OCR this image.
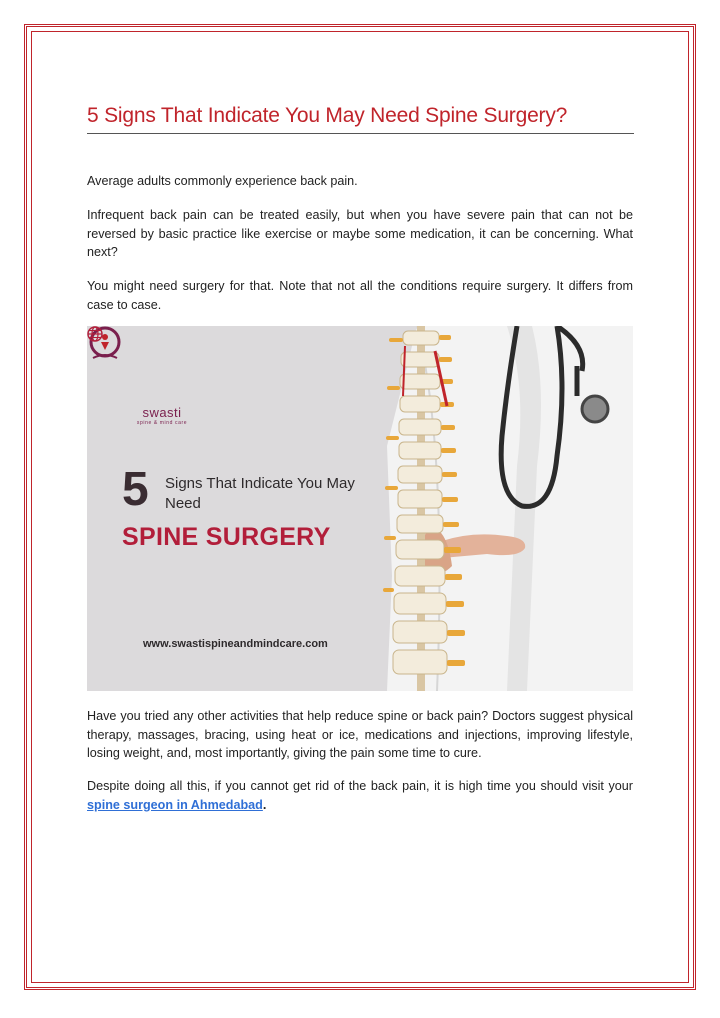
5 Signs That Indicate You May Need Spine Surgery?

Average adults commonly experience back pain.

Infrequent back pain can be treated easily, but when you have severe pain that can not be reversed by basic practice like exercise or maybe some medication, it can be concerning. What next?

You might need surgery for that. Note that not all the conditions require surgery. It differs from case to case.

swasti
spine & mind care
5 Signs That Indicate You May Need
SPINE SURGERY
www.swastispineandmindcare.com

Have you tried any other activities that help reduce spine or back pain? Doctors suggest physical therapy, massages, bracing, using heat or ice, medications and injections, improving lifestyle, losing weight, and, most importantly, giving the pain some time to cure.

Despite doing all this, if you cannot get rid of the back pain, it is high time you should visit your spine surgeon in Ahmedabad.
